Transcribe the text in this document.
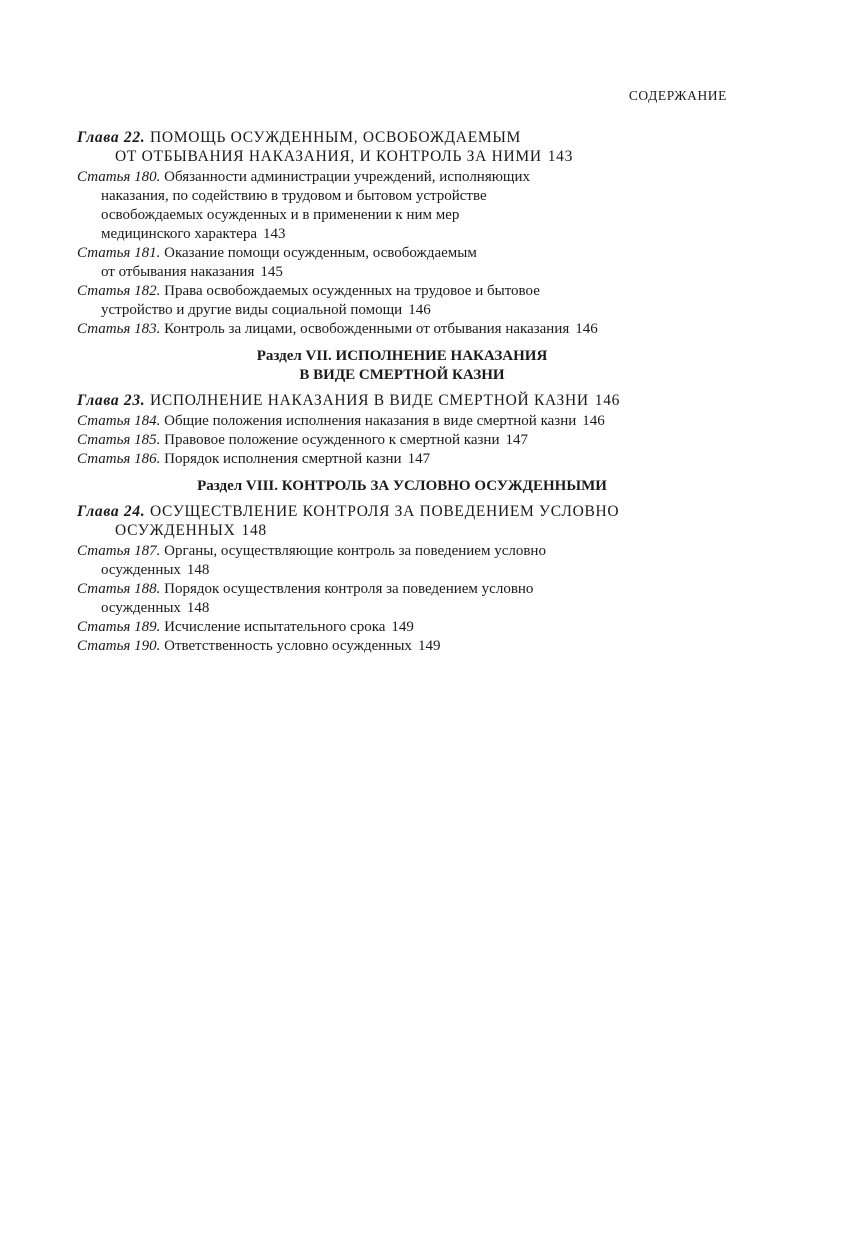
СОДЕРЖАНИЕ
Глава 22. ПОМОЩЬ ОСУЖДЕННЫМ, ОСВОБОЖДАЕМЫМ
ОТ ОТБЫВАНИЯ НАКАЗАНИЯ, И КОНТРОЛЬ ЗА НИМИ 143
Статья 180. Обязанности администрации учреждений, исполняющих
наказания, по содействию в трудовом и бытовом устройстве
освобождаемых осужденных и в применении к ним мер
медицинского характера 143
Статья 181. Оказание помощи осужденным, освобождаемым
от отбывания наказания 145
Статья 182. Права освобождаемых осужденных на трудовое и бытовое
устройство и другие виды социальной помощи 146
Статья 183. Контроль за лицами, освобожденными от отбывания наказания 146
Раздел VII. ИСПОЛНЕНИЕ НАКАЗАНИЯ
В ВИДЕ СМЕРТНОЙ КАЗНИ
Глава 23. ИСПОЛНЕНИЕ НАКАЗАНИЯ В ВИДЕ СМЕРТНОЙ КАЗНИ 146
Статья 184. Общие положения исполнения наказания в виде смертной казни 146
Статья 185. Правовое положение осужденного к смертной казни 147
Статья 186. Порядок исполнения смертной казни 147
Раздел VIII. КОНТРОЛЬ ЗА УСЛОВНО ОСУЖДЕННЫМИ
Глава 24. ОСУЩЕСТВЛЕНИЕ КОНТРОЛЯ ЗА ПОВЕДЕНИЕМ УСЛОВНО
ОСУЖДЕННЫХ 148
Статья 187. Органы, осуществляющие контроль за поведением условно
осужденных 148
Статья 188. Порядок осуществления контроля за поведением условно
осужденных 148
Статья 189. Исчисление испытательного срока 149
Статья 190. Ответственность условно осужденных 149
